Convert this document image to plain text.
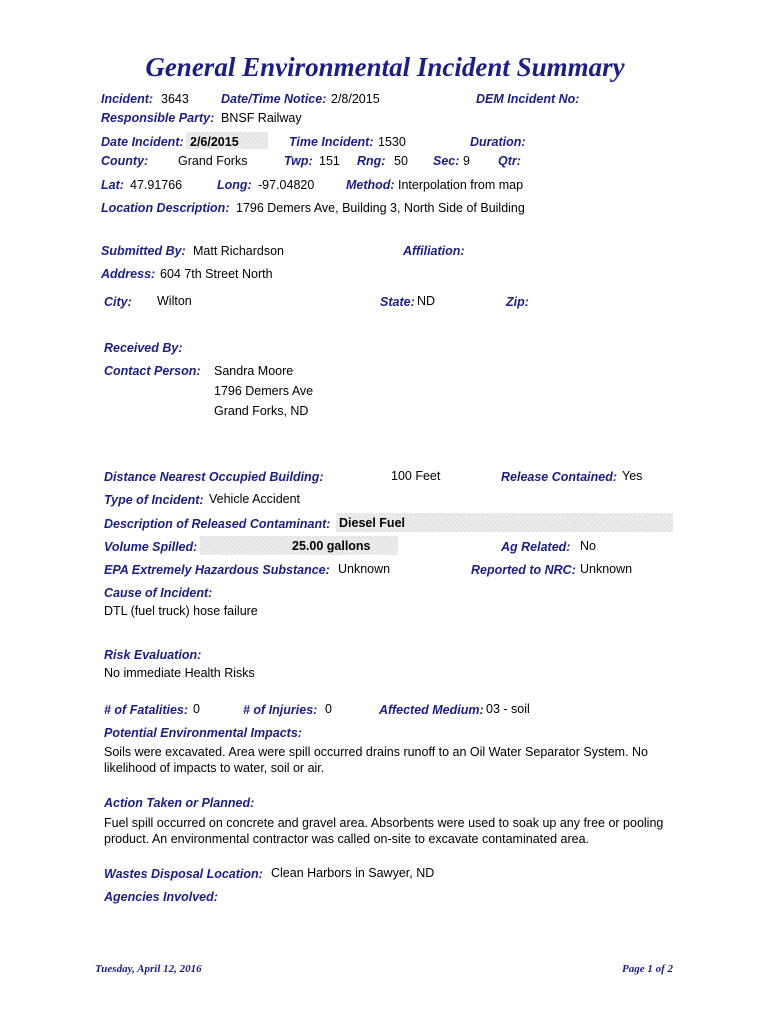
General Environmental Incident Summary
Incident: 3643	Date/Time Notice: 2/8/2015	DEM Incident No:
Responsible Party: BNSF Railway
Date Incident: 2/6/2015	Time Incident: 1530	Duration:
County: Grand Forks	Twp: 151 Rng: 50 Sec: 9 Qtr:
Lat: 47.91766	Long: -97.04820	Method: Interpolation from map
Location Description: 1796 Demers Ave, Building 3, North Side of Building
Submitted By: Matt Richardson	Affiliation:
Address: 604 7th Street North
City: Wilton	State: ND	Zip:
Received By:
Contact Person: Sandra Moore
1796 Demers Ave
Grand Forks, ND
Distance Nearest Occupied Building:	100 Feet	Release Contained: Yes
Type of Incident: Vehicle Accident
Description of Released Contaminant: Diesel Fuel
Volume Spilled:	25.00 gallons	Ag Related: No
EPA Extremely Hazardous Substance: Unknown	Reported to NRC: Unknown
Cause of Incident:
DTL (fuel truck) hose failure
Risk Evaluation:
No immediate Health Risks
# of Fatalities: 0	# of Injuries: 0	Affected Medium: 03 - soil
Potential Environmental Impacts:
Soils were excavated. Area were spill occurred drains runoff to an Oil Water Separator System. No likelihood of impacts to water, soil or air.
Action Taken or Planned:
Fuel spill occurred on concrete and gravel area. Absorbents were used to soak up any free or pooling product. An environmental contractor was called on-site to excavate contaminated area.
Wastes Disposal Location: Clean Harbors in Sawyer, ND
Agencies Involved:
Tuesday, April 12, 2016	Page 1 of 2
